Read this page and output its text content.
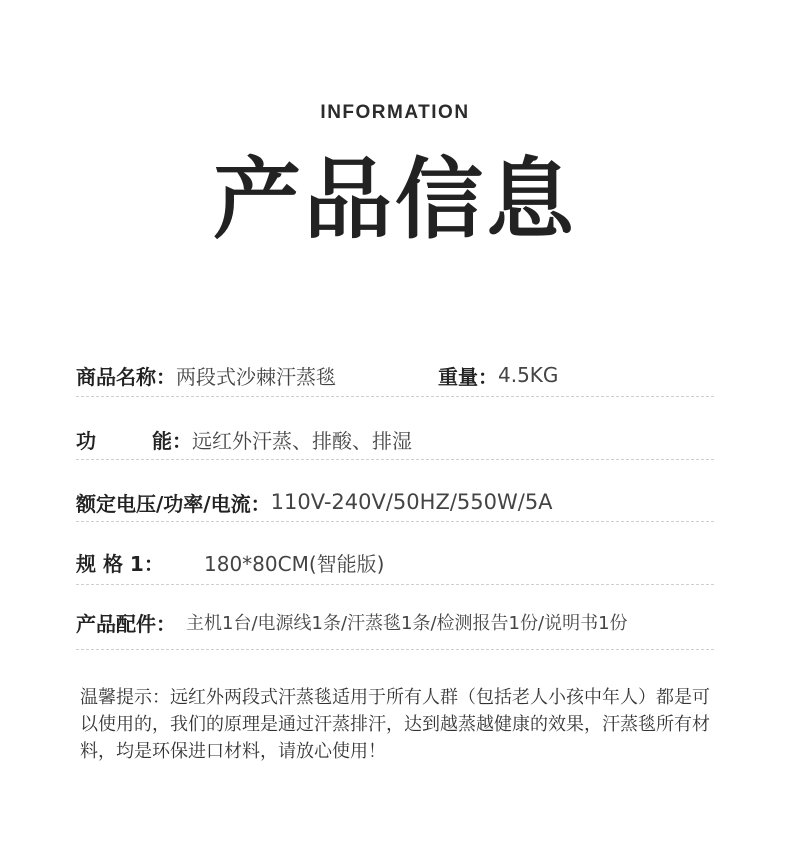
INFORMATION
产品信息
商品名称： 两段式沙棘汗蒸毯	重量： 4.5KG
功	能： 远红外汗蒸、排酸、排湿
额定电压/功率/电流： 110V-240V/50HZ/550W/5A
规 格 1：	180*80CM(智能版)
产品配件： 主机1台/电源线1条/汗蒸毯1条/检测报告1份/说明书1份
温馨提示：远红外两段式汗蒸毯适用于所有人群（包括老人小孩中年人）都是可以使用的，我们的原理是通过汗蒸排汗，达到越蒸越健康的效果，汗蒸毯所有材料，均是环保进口材料，请放心使用！
